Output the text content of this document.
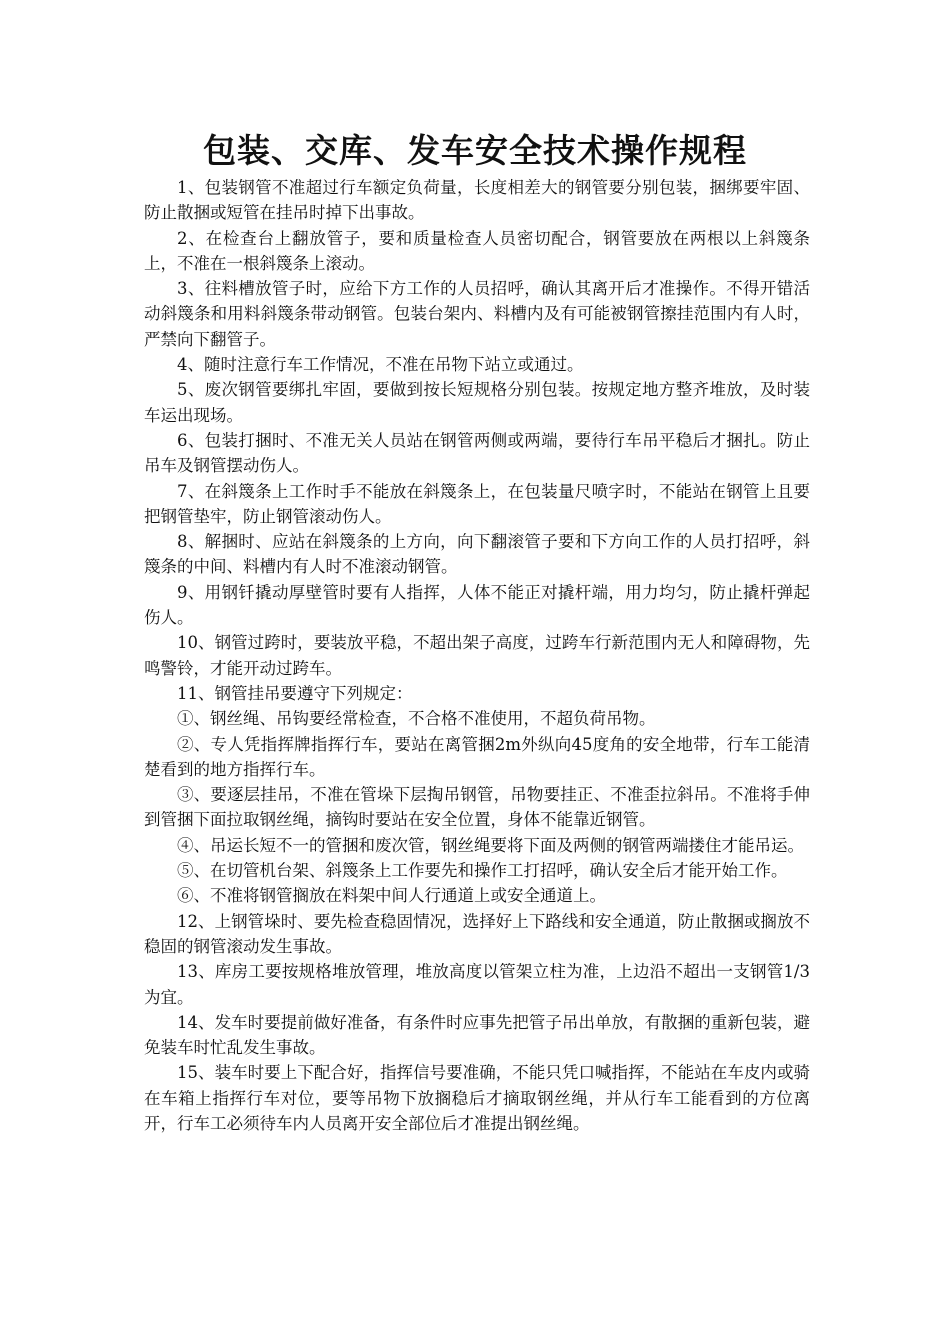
包装、交库、发车安全技术操作规程

1、包装钢管不准超过行车额定负荷量，长度相差大的钢管要分别包装，捆绑要牢固、防止散捆或短管在挂吊时掉下出事故。

2、在检查台上翻放管子，要和质量检查人员密切配合，钢管要放在两根以上斜篾条上，不准在一根斜篾条上滚动。

3、往料槽放管子时，应给下方工作的人员招呼，确认其离开后才准操作。不得开错活动斜篾条和用料斜篾条带动钢管。包装台架内、料槽内及有可能被钢管擦挂范围内有人时，严禁向下翻管子。

4、随时注意行车工作情况，不准在吊物下站立或通过。

5、废次钢管要绑扎牢固，要做到按长短规格分别包装。按规定地方整齐堆放，及时装车运出现场。

6、包装打捆时、不准无关人员站在钢管两侧或两端，要待行车吊平稳后才捆扎。防止吊车及钢管摆动伤人。

7、在斜篾条上工作时手不能放在斜篾条上，在包装量尺喷字时，不能站在钢管上且要把钢管垫牢，防止钢管滚动伤人。

8、解捆时、应站在斜篾条的上方向，向下翻滚管子要和下方向工作的人员打招呼，斜篾条的中间、料槽内有人时不准滚动钢管。

9、用钢钎撬动厚壁管时要有人指挥，人体不能正对撬杆端，用力均匀，防止撬杆弹起伤人。

10、钢管过跨时，要装放平稳，不超出架子高度，过跨车行新范围内无人和障碍物，先鸣警铃，才能开动过跨车。

11、钢管挂吊要遵守下列规定：

①、钢丝绳、吊钩要经常检查，不合格不准使用，不超负荷吊物。

②、专人凭指挥牌指挥行车，要站在离管捆2m外纵向45度角的安全地带，行车工能清楚看到的地方指挥行车。

③、要逐层挂吊，不准在管垛下层掏吊钢管，吊物要挂正、不准歪拉斜吊。不准将手伸到管捆下面拉取钢丝绳，摘钩时要站在安全位置，身体不能靠近钢管。

④、吊运长短不一的管捆和废次管，钢丝绳要将下面及两侧的钢管两端搂住才能吊运。

⑤、在切管机台架、斜篾条上工作要先和操作工打招呼，确认安全后才能开始工作。

⑥、不准将钢管搁放在料架中间人行通道上或安全通道上。

12、上钢管垛时、要先检查稳固情况，选择好上下路线和安全通道，防止散捆或搁放不稳固的钢管滚动发生事故。

13、库房工要按规格堆放管理，堆放高度以管架立柱为准，上边沿不超出一支钢管1/3为宜。

14、发车时要提前做好准备，有条件时应事先把管子吊出单放，有散捆的重新包装，避免装车时忙乱发生事故。

15、装车时要上下配合好，指挥信号要准确，不能只凭口喊指挥，不能站在车皮内或骑在车箱上指挥行车对位，要等吊物下放搁稳后才摘取钢丝绳，并从行车工能看到的方位离开，行车工必须待车内人员离开安全部位后才准提出钢丝绳。
